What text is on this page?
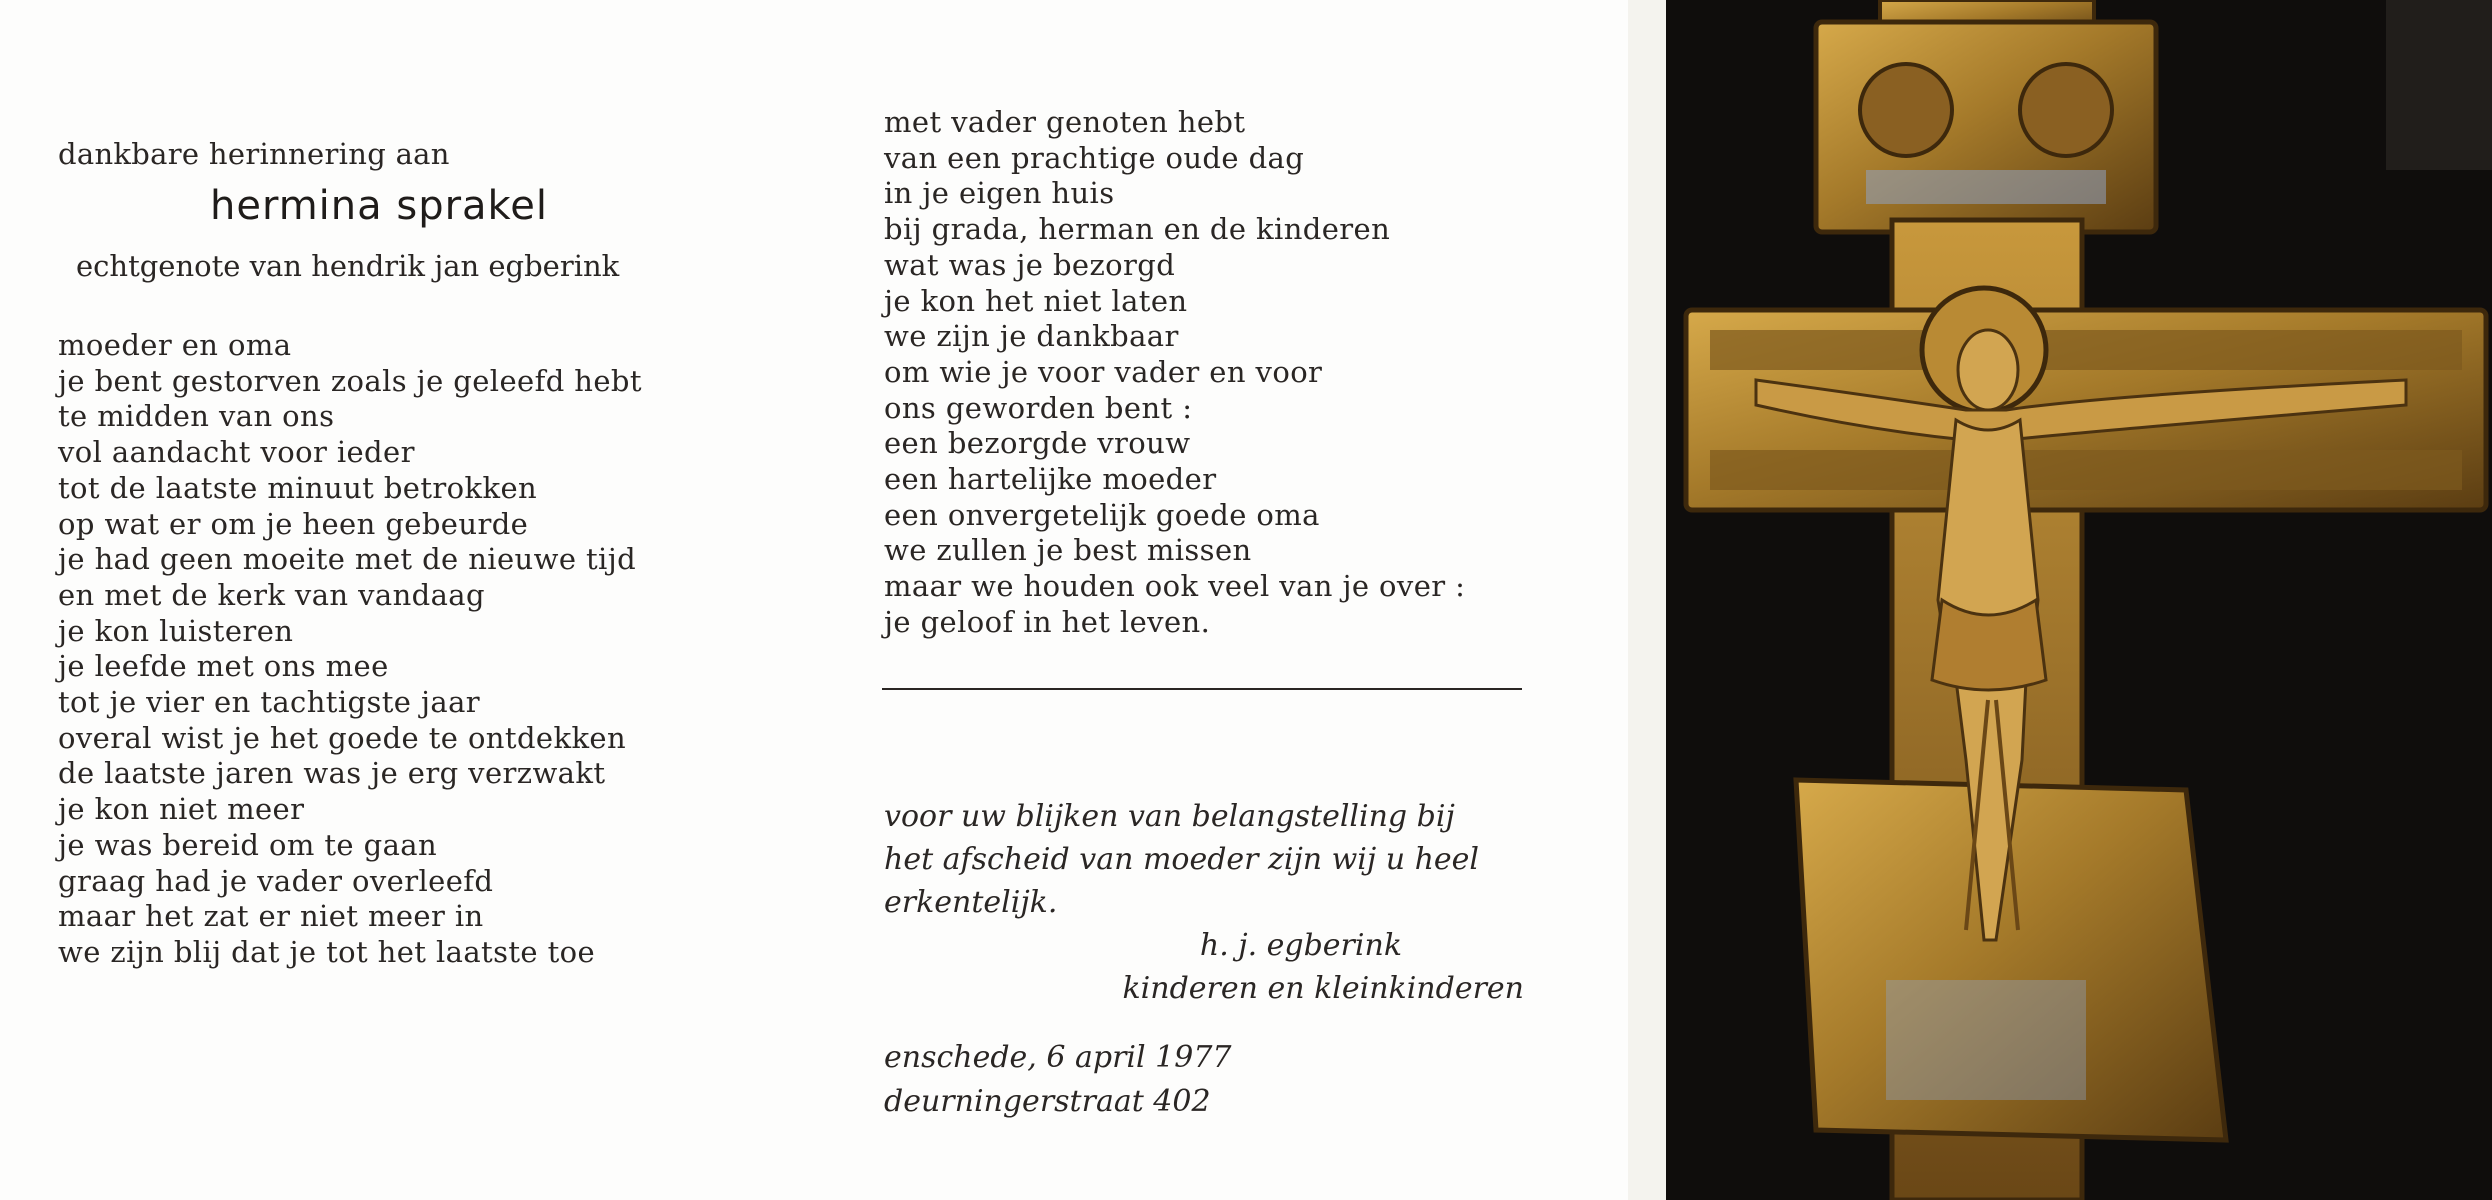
dankbare herinnering aan
hermina sprakel
echtgenote van hendrik jan egberink
moeder en oma
je bent gestorven zoals je geleefd hebt
te midden van ons
vol aandacht voor ieder
tot de laatste minuut betrokken
op wat er om je heen gebeurde
je had geen moeite met de nieuwe tijd
en met de kerk van vandaag
je kon luisteren
je leefde met ons mee
tot je vier en tachtigste jaar
overal wist je het goede te ontdekken
de laatste jaren was je erg verzwakt
je kon niet meer
je was bereid om te gaan
graag had je vader overleefd
maar het zat er niet meer in
we zijn blij dat je tot het laatste toe
met vader genoten hebt
van een prachtige oude dag
in je eigen huis
bij grada, herman en de kinderen
wat was je bezorgd
je kon het niet laten
we zijn je dankbaar
om wie je voor vader en voor
ons geworden bent :
een bezorgde vrouw
een hartelijke moeder
een onvergetelijk goede oma
we zullen je best missen
maar we houden ook veel van je over :
je geloof in het leven.
voor uw blijken van belangstelling bij
het afscheid van moeder zijn wij u heel
erkentelijk.
h. j. egberink
kinderen en kleinkinderen
enschede, 6 april 1977
deurningerstraat 402
